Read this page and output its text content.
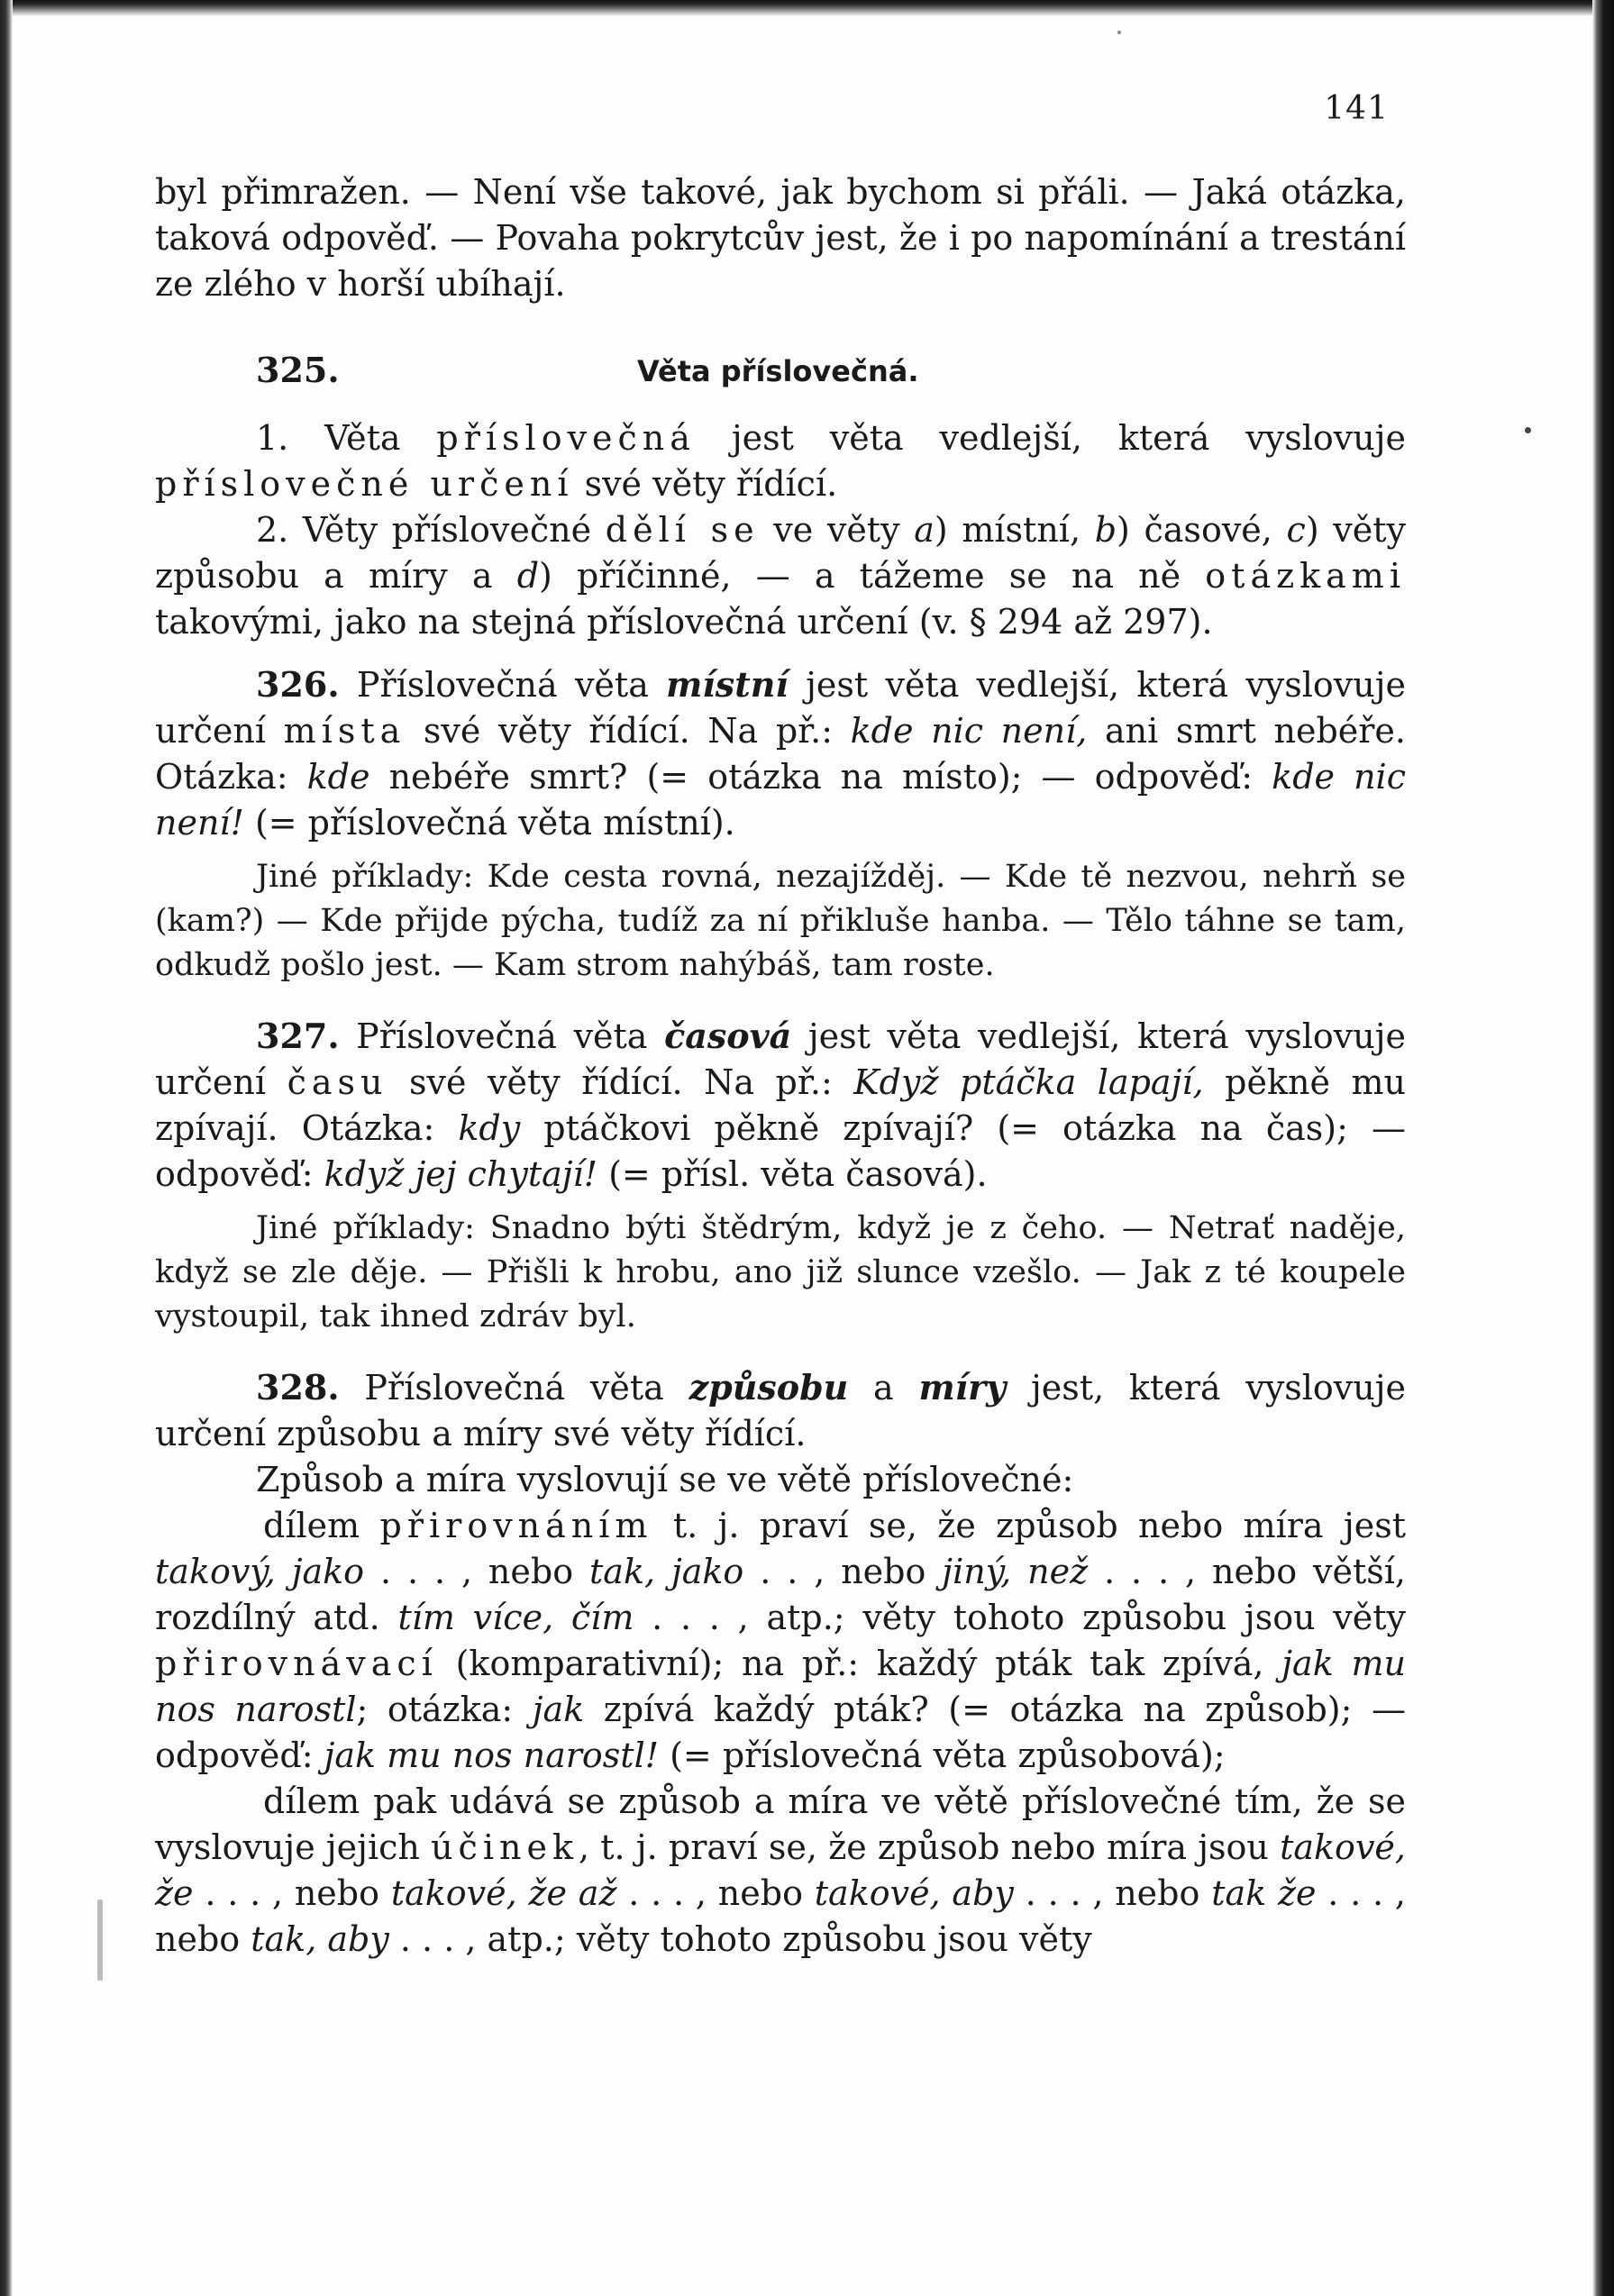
141

byl přimražen. — Není vše takové, jak bychom si přáli. — Jaká otázka, taková odpověď. — Povaha pokrytcův jest, že i po napomínání a trestání ze zlého v horší ubíhají.

325.	Věta příslovečná.

1. Věta příslovečná jest věta vedlejší, která vyslovuje příslovečné určení své věty řídící.

2. Věty příslovečné dělí se ve věty a) místní, b) časové, c) věty způsobu a míry a d) příčinné, — a tážeme se na ně otázkami takovými, jako na stejná příslovečná určení (v. § 294 až 297).

326. Příslovečná věta místní jest věta vedlejší, která vyslovuje určení místa své věty řídící. Na př.: kde nic není, ani smrt nebéře. Otázka: kde nebéře smrt? (= otázka na místo); — odpověď: kde nic není! (= příslovečná věta místní).

Jiné příklady: Kde cesta rovná, nezajížděj. — Kde tě nezvou, nehrň se (kam?) — Kde přijde pýcha, tudíž za ní přikluše hanba. — Tělo táhne se tam, odkudž pošlo jest. — Kam strom nahýbáš, tam roste.

327. Příslovečná věta časová jest věta vedlejší, která vyslovuje určení času své věty řídící. Na př.: Když ptáčka lapají, pěkně mu zpívají. Otázka: kdy ptáčkovi pěkně zpívají? (= otázka na čas); — odpověď: když jej chytají! (= přísl. věta časová).

Jiné příklady: Snadno býti štědrým, když je z čeho. — Netrať naděje, když se zle děje. — Přišli k hrobu, ano již slunce vzešlo. — Jak z té koupele vystoupil, tak ihned zdráv byl.

328. Příslovečná věta způsobu a míry jest, která vyslovuje určení způsobu a míry své věty řídící.

Způsob a míra vyslovují se ve větě příslovečné:

dílem přirovnáním t. j. praví se, že způsob nebo míra jest takový, jako . . . , nebo tak, jako . . , nebo jiný, než . . . , nebo větší, rozdílný atd. tím více, čím . . . , atp.; věty tohoto způsobu jsou věty přirovnávací (komparativní); na př.: každý pták tak zpívá, jak mu nos narostl; otázka: jak zpívá každý pták? (= otázka na způsob); — odpověď: jak mu nos narostl! (= příslovečná věta způsobová);

dílem pak udává se způsob a míra ve větě příslovečné tím, že se vyslovuje jejich účinek, t. j. praví se, že způsob nebo míra jsou takové, že . . . , nebo takové, že až . . . , nebo takové, aby . . . , nebo tak že . . . , nebo tak, aby . . . , atp.; věty tohoto způsobu jsou věty
